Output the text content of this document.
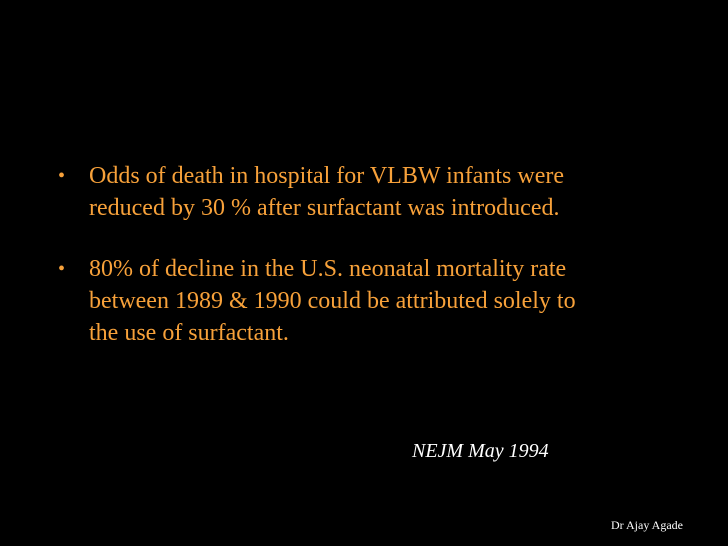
• Odds of death in hospital for VLBW infants were
reduced by 30 % after surfactant was introduced.
• 80% of decline in the U.S. neonatal mortality rate
between 1989 & 1990 could be attributed solely to
the use of surfactant.
NEJM May 1994
Dr Ajay Agade
